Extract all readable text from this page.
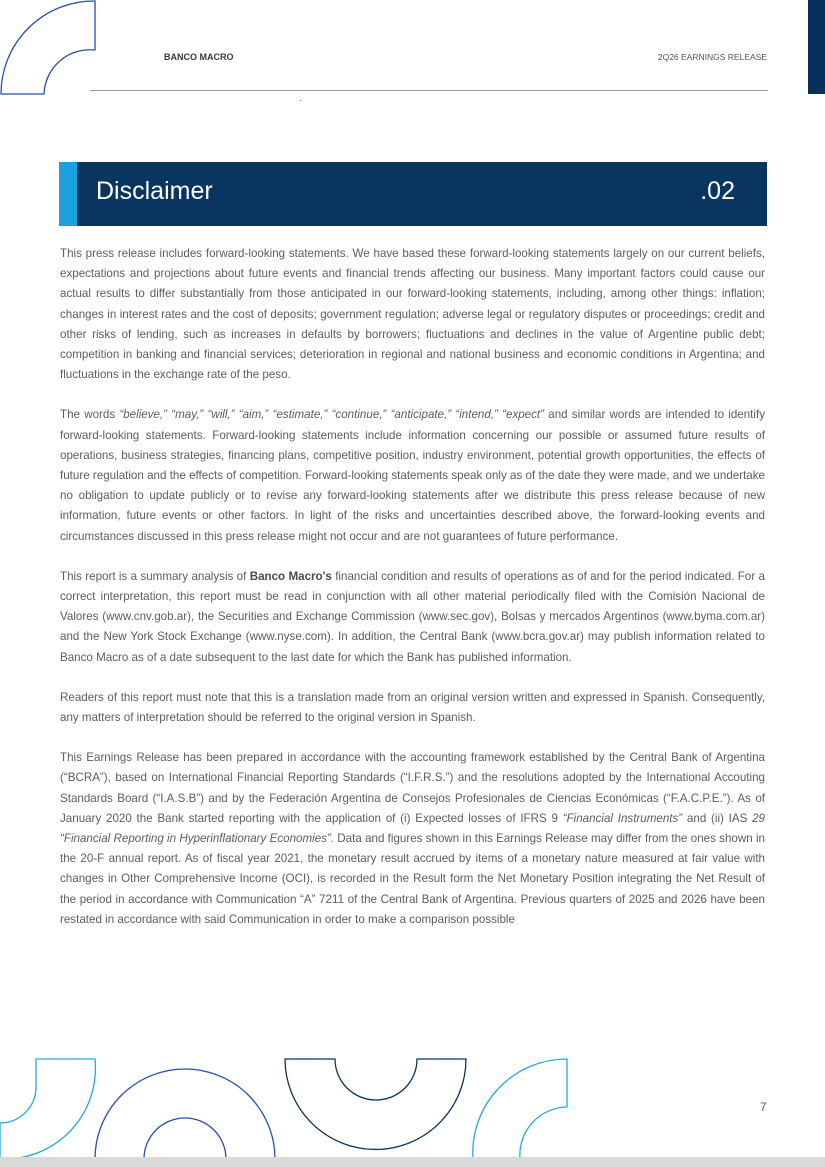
BANCO MACRO	2Q26 EARNINGS RELEASE
Disclaimer	.02

This press release includes forward-looking statements. We have based these forward-looking statements largely on our current beliefs, expectations and projections about future events and financial trends affecting our business. Many important factors could cause our actual results to differ substantially from those anticipated in our forward-looking statements, including, among other things: inflation; changes in interest rates and the cost of deposits; government regulation; adverse legal or regulatory disputes or proceedings; credit and other risks of lending, such as increases in defaults by borrowers; fluctuations and declines in the value of Argentine public debt; competition in banking and financial services; deterioration in regional and national business and economic conditions in Argentina; and fluctuations in the exchange rate of the peso.

The words “believe,” “may,” “will,” “aim,” “estimate,” “continue,” “anticipate,” “intend,” “expect” and similar words are intended to identify forward-looking statements. Forward-looking statements include information concerning our possible or assumed future results of operations, business strategies, financing plans, competitive position, industry environment, potential growth opportunities, the effects of future regulation and the effects of competition. Forward-looking statements speak only as of the date they were made, and we undertake no obligation to update publicly or to revise any forward-looking statements after we distribute this press release because of new information, future events or other factors. In light of the risks and uncertainties described above, the forward-looking events and circumstances discussed in this press release might not occur and are not guarantees of future performance.

This report is a summary analysis of Banco Macro's financial condition and results of operations as of and for the period indicated. For a correct interpretation, this report must be read in conjunction with all other material periodically filed with the Comisión Nacional de Valores (www.cnv.gob.ar), the Securities and Exchange Commission (www.sec.gov), Bolsas y mercados Argentinos (www.byma.com.ar) and the New York Stock Exchange (www.nyse.com). In addition, the Central Bank (www.bcra.gov.ar) may publish information related to Banco Macro as of a date subsequent to the last date for which the Bank has published information.

Readers of this report must note that this is a translation made from an original version written and expressed in Spanish. Consequently, any matters of interpretation should be referred to the original version in Spanish.

This Earnings Release has been prepared in accordance with the accounting framework established by the Central Bank of Argentina (“BCRA”), based on International Financial Reporting Standards (“I.F.R.S.”) and the resolutions adopted by the International Accouting Standards Board (“I.A.S.B”) and by the Federación Argentina de Consejos Profesionales de Ciencias Económicas (“F.A.C.P.E.”). As of January 2020 the Bank started reporting with the application of (i) Expected losses of IFRS 9 “Financial Instruments” and (ii) IAS 29 “Financial Reporting in Hyperinflationary Economies”. Data and figures shown in this Earnings Release may differ from the ones shown in the 20-F annual report. As of fiscal year 2021, the monetary result accrued by items of a monetary nature measured at fair value with changes in Other Comprehensive Income (OCI), is recorded in the Result form the Net Monetary Position integrating the Net Result of the period in accordance with Communication “A” 7211 of the Central Bank of Argentina. Previous quarters of 2025 and 2026 have been restated in accordance with said Communication in order to make a comparison possible

7
